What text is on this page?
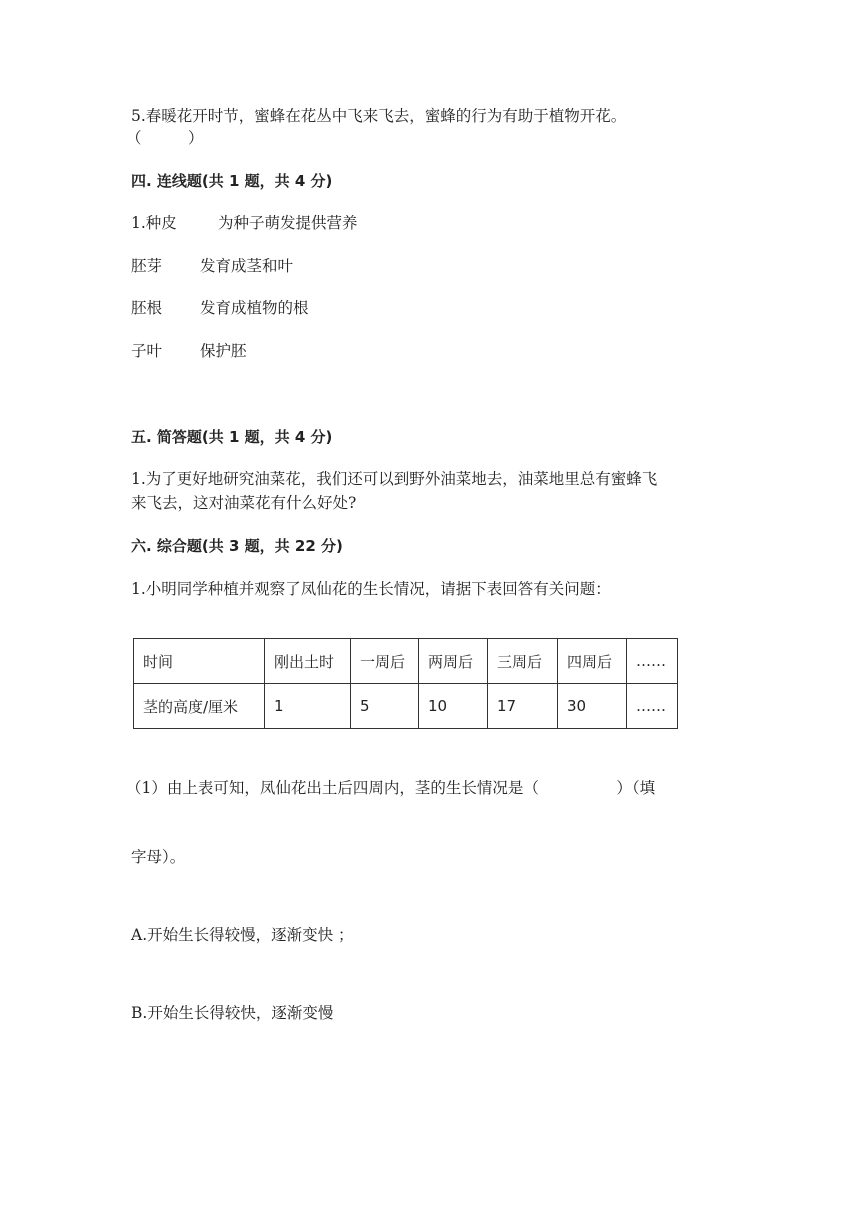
5.春暖花开时节，蜜蜂在花丛中飞来飞去，蜜蜂的行为有助于植物开花。
（　　　）
四. 连线题(共 1 题，共 4 分)
1.种皮	为种子萌发提供营养
胚芽 发育成茎和叶
胚根 发育成植物的根
子叶 保护胚
五. 简答题(共 1 题，共 4 分)
1.为了更好地研究油菜花，我们还可以到野外油菜地去，油菜地里总有蜜蜂飞
来飞去，这对油菜花有什么好处?
六. 综合题(共 3 题，共 22 分)
1.小明同学种植并观察了凤仙花的生长情况，请据下表回答有关问题：
时间	刚出土时	一周后	两周后	三周后	四周后	……
茎的高度/厘米	1	5	10	17	30	……
（1）由上表可知，凤仙花出土后四周内，茎的生长情况是（　　　　　）（填
字母）。
A.开始生长得较慢，逐渐变快 ；
B.开始生长得较快，逐渐变慢
